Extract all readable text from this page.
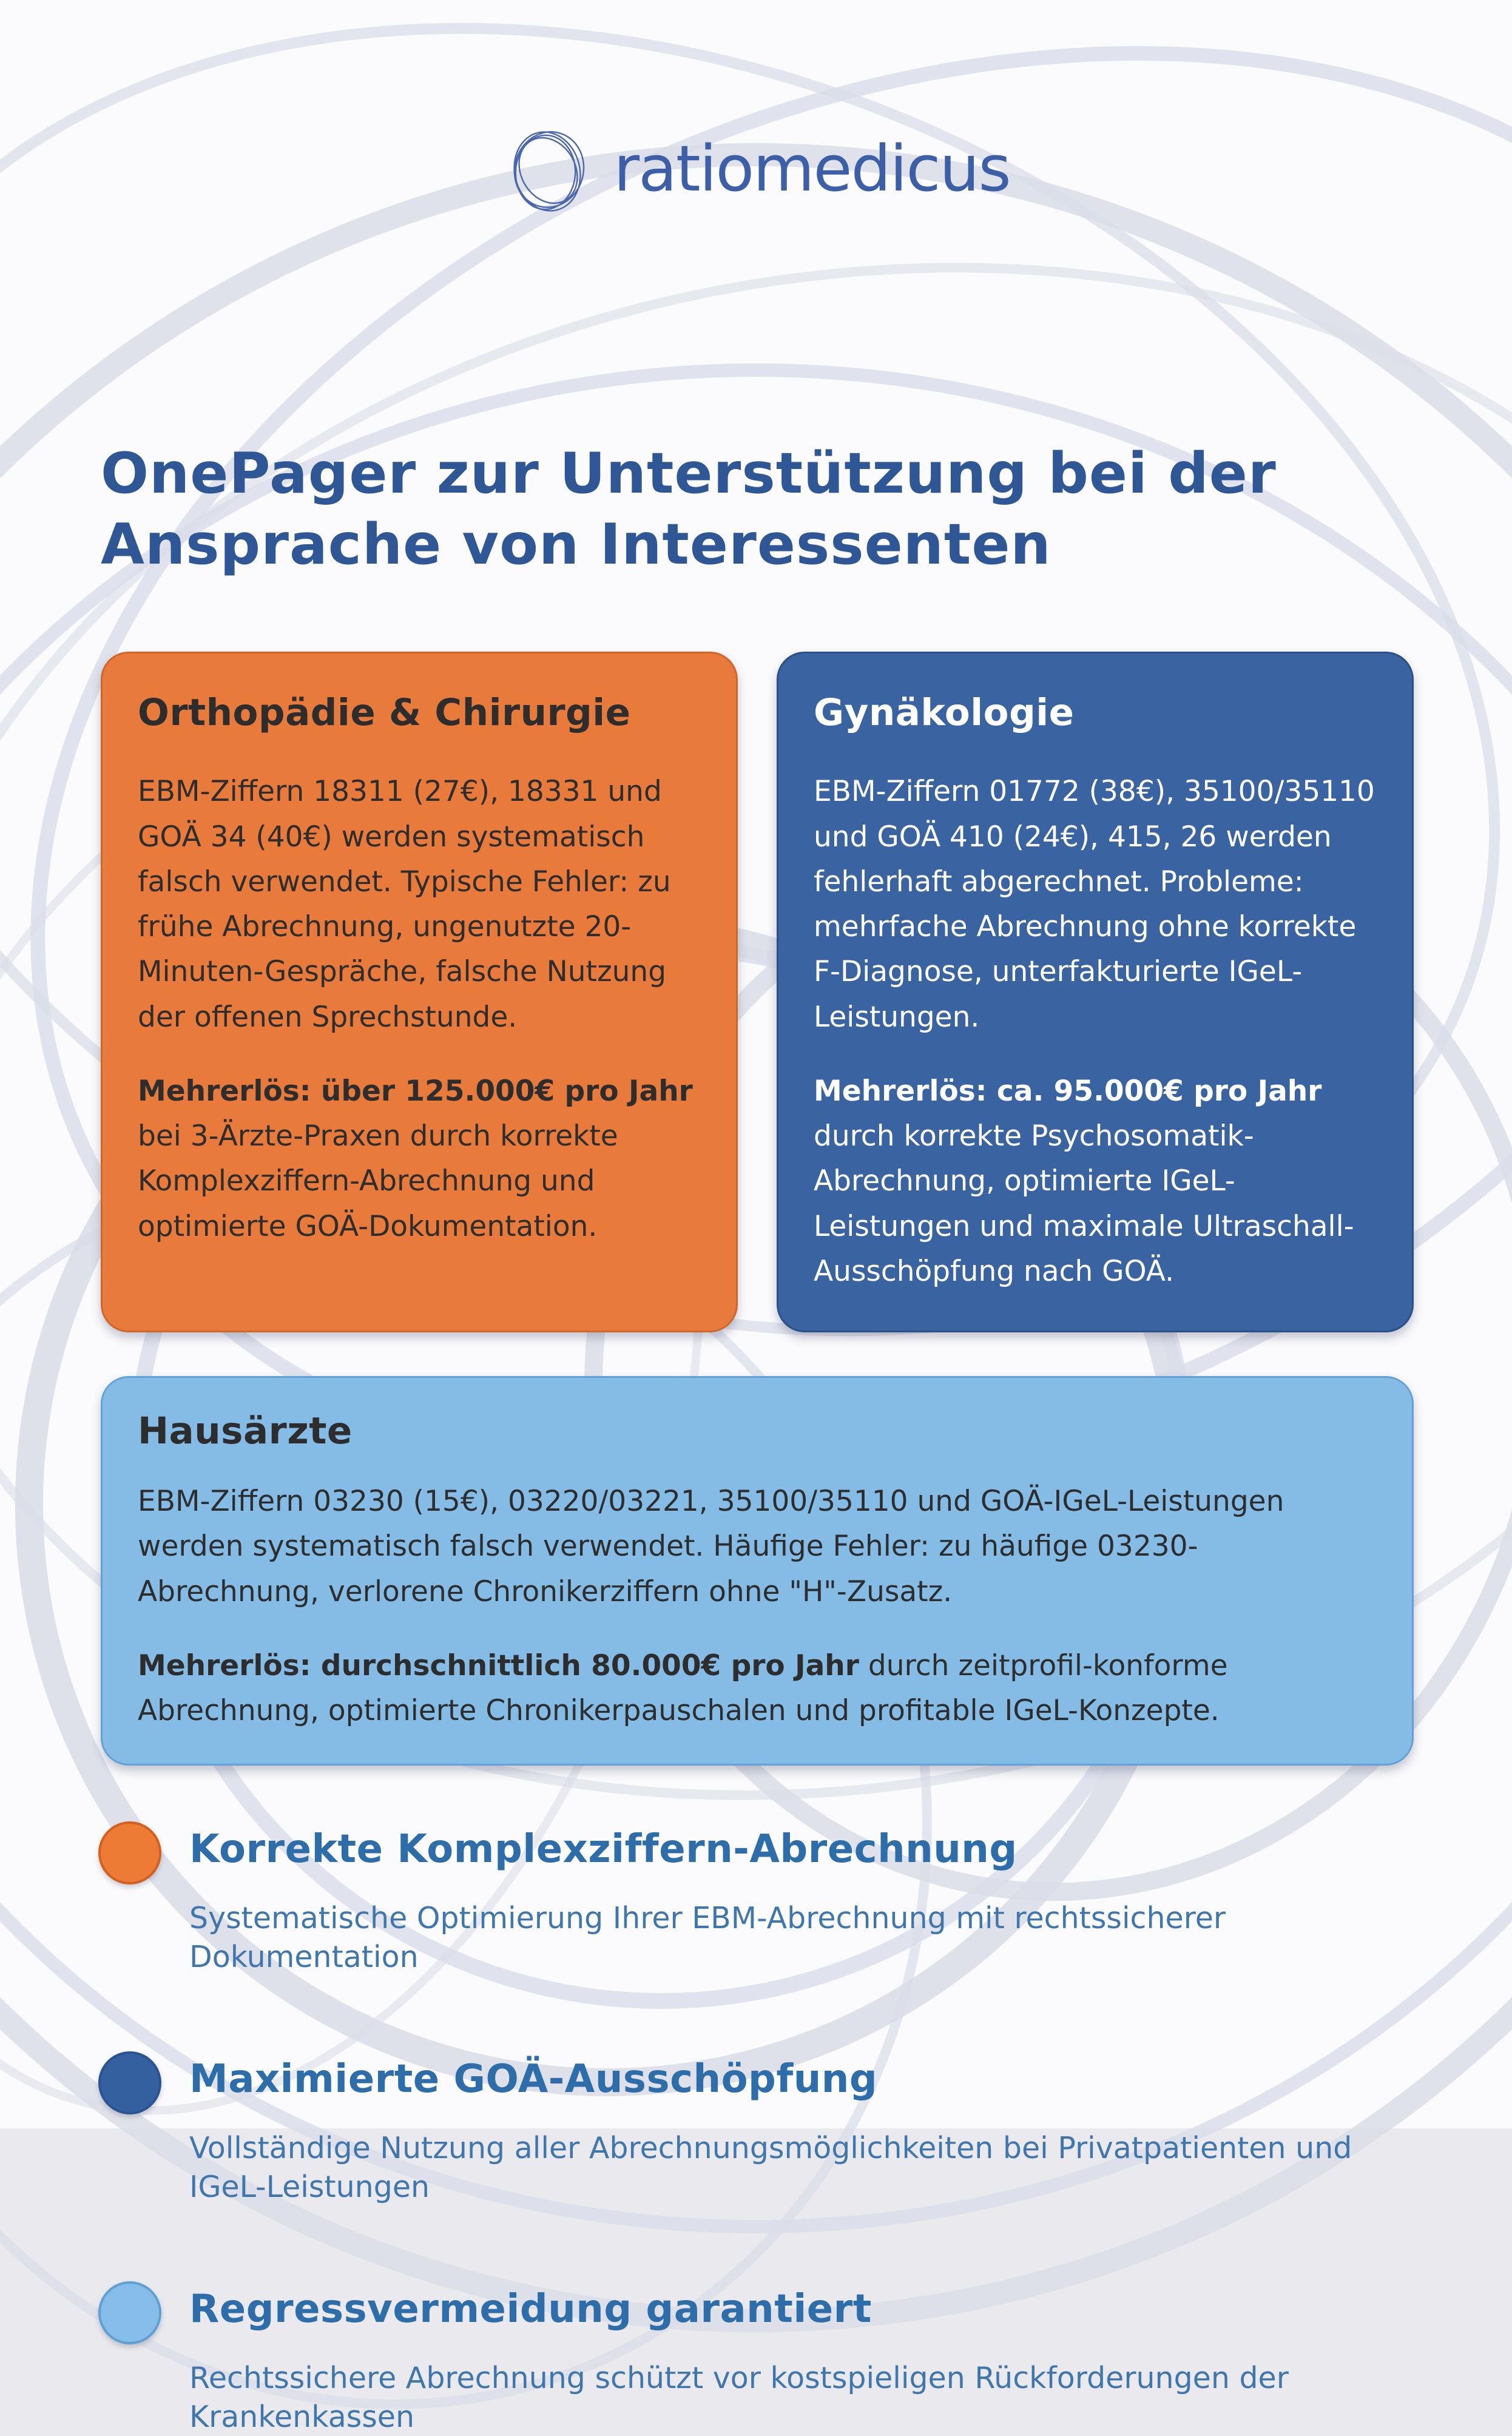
ratiomedicus
OnePager zur Unterstützung bei der Ansprache von Interessenten
Orthopädie & Chirurgie

EBM-Ziffern 18311 (27€), 18331 und GOÄ 34 (40€) werden systematisch falsch verwendet. Typische Fehler: zu frühe Abrechnung, ungenutzte 20-Minuten-Gespräche, falsche Nutzung der offenen Sprechstunde.

Mehrerlös: über 125.000€ pro Jahr bei 3-Ärzte-Praxen durch korrekte Komplexziffern-Abrechnung und optimierte GOÄ-Dokumentation.

Gynäkologie

EBM-Ziffern 01772 (38€), 35100/35110 und GOÄ 410 (24€), 415, 26 werden fehlerhaft abgerechnet. Probleme: mehrfache Abrechnung ohne korrekte F-Diagnose, unterfakturierte IGeL-Leistungen.

Mehrerlös: ca. 95.000€ pro Jahr durch korrekte Psychosomatik-Abrechnung, optimierte IGeL-Leistungen und maximale Ultraschall-Ausschöpfung nach GOÄ.

Hausärzte

EBM-Ziffern 03230 (15€), 03220/03221, 35100/35110 und GOÄ-IGeL-Leistungen werden systematisch falsch verwendet. Häufige Fehler: zu häufige 03230-Abrechnung, verlorene Chronikerziffern ohne "H"-Zusatz.

Mehrerlös: durchschnittlich 80.000€ pro Jahr durch zeitprofil-konforme Abrechnung, optimierte Chronikerpauschalen und profitable IGeL-Konzepte.

Korrekte Komplexziffern-Abrechnung
Systematische Optimierung Ihrer EBM-Abrechnung mit rechtssicherer Dokumentation
Maximierte GOÄ-Ausschöpfung
Vollständige Nutzung aller Abrechnungsmöglichkeiten bei Privatpatienten und IGeL-Leistungen
Regressvermeidung garantiert
Rechtssichere Abrechnung schützt vor kostspieligen Rückforderungen der Krankenkassen
